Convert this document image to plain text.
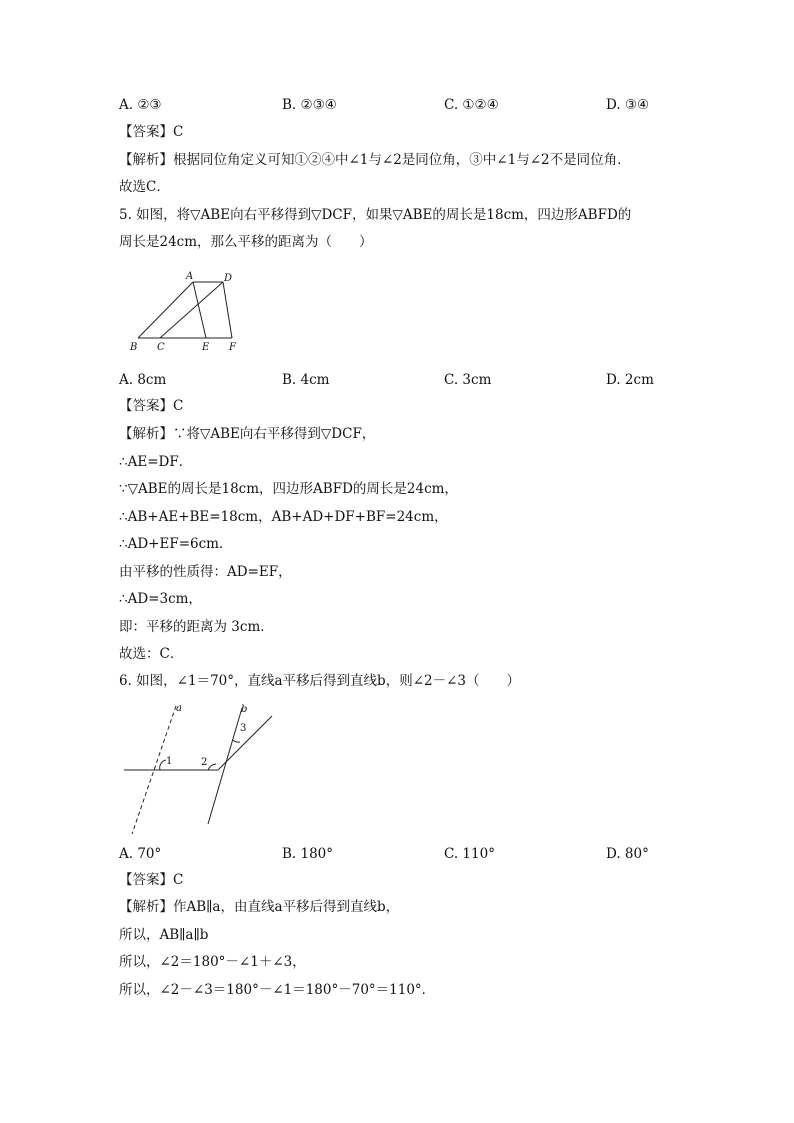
A. ②③	B. ②③④	C. ①②④	D. ③④
【答案】C
【解析】根据同位角定义可知①②④中∠1与∠2是同位角，③中∠1与∠2不是同位角．
故选C．
5. 如图，将▽ABE向右平移得到▽DCF，如果▽ABE的周长是18cm，四边形ABFD的
周长是24cm，那么平移的距离为（　　）
A	D
B C	E F
A. 8cm	B. 4cm	C. 3cm	D. 2cm
【答案】C
【解析】∵将▽ABE向右平移得到▽DCF，
∴AE=DF．
∵▽ABE的周长是18cm，四边形ABFD的周长是24cm，
∴AB+AE+BE=18cm，AB+AD+DF+BF=24cm，
∴AD+EF=6cm．
由平移的性质得：AD=EF，
∴AD=3cm，
即：平移的距离为 3cm．
故选：C．
6. 如图，∠1＝70°，直线a平移后得到直线b，则∠2－∠3（　　）
a	b
1	2
3
A. 70°	B. 180°	C. 110°	D. 80°
【答案】C
【解析】作AB∥a，由直线a平移后得到直线b，
所以，AB∥a∥b
所以，∠2＝180°－∠1＋∠3，
所以，∠2－∠3＝180°－∠1＝180°－70°＝110°．
